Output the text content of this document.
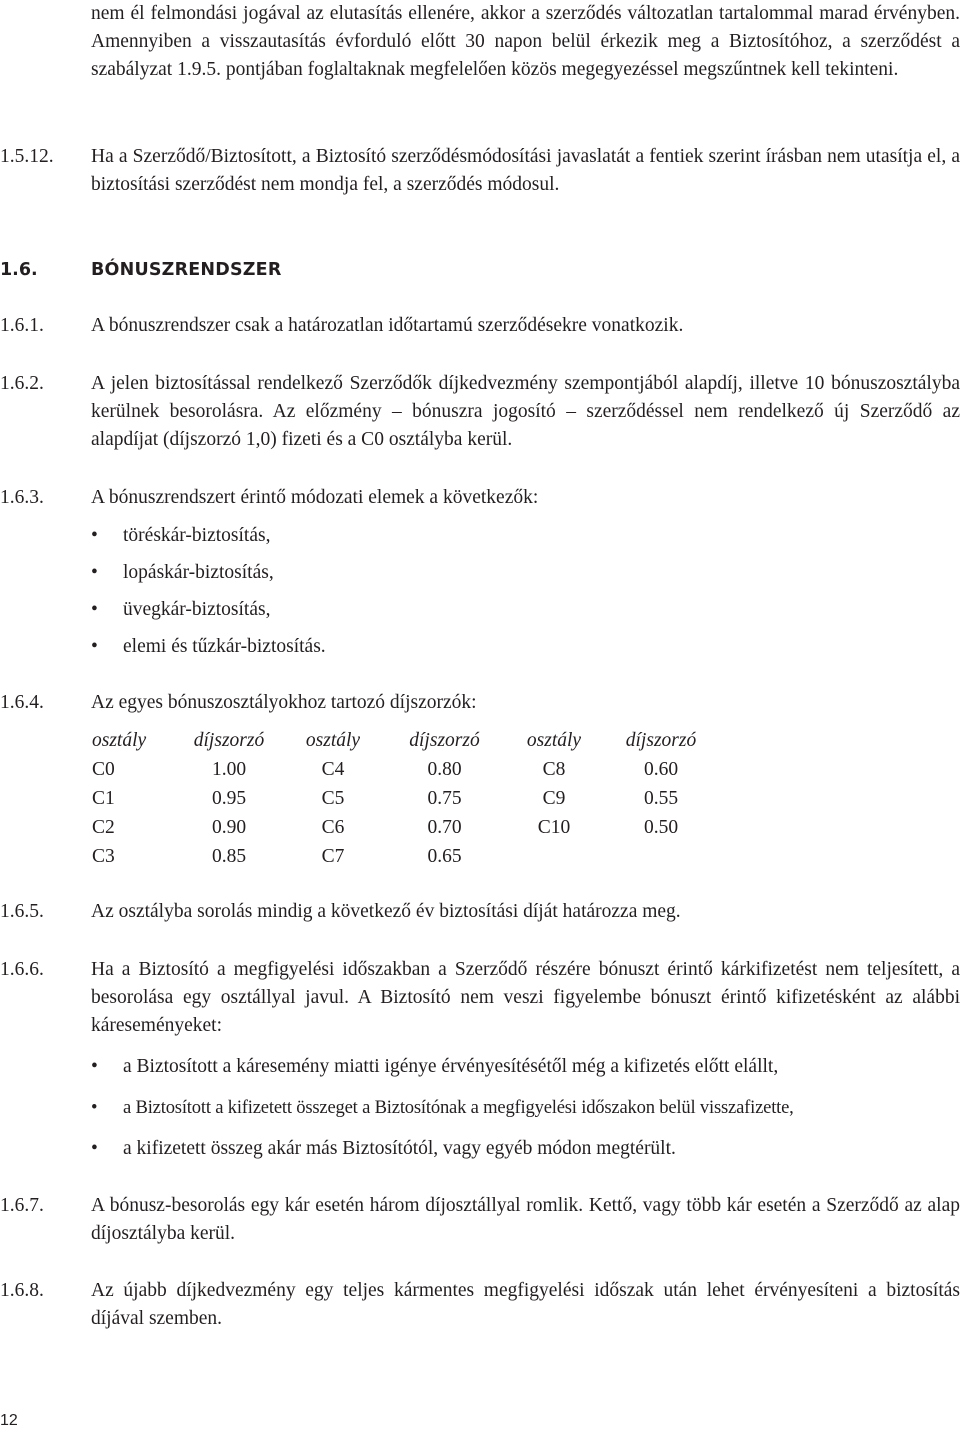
nem él felmondási jogával az elutasítás ellenére, akkor a szerződés változatlan tartalommal marad érvényben. Amennyiben a visszautasítás évforduló előtt 30 napon belül érkezik meg a Biztosítóhoz, a szerződést a szabályzat 1.9.5. pontjában foglaltaknak megfelelően közös megegyezéssel megszűntnek kell tekinteni.
1.5.12. Ha a Szerződő/Biztosított, a Biztosító szerződésmódosítási javaslatát a fentiek szerint írásban nem utasítja el, a biztosítási szerződést nem mondja fel, a szerződés módosul.
1.6.	BÓNUSZRENDSZER
1.6.1. A bónuszrendszer csak a határozatlan időtartamú szerződésekre vonatkozik.
1.6.2. A jelen biztosítással rendelkező Szerződők díjkedvezmény szempontjából alapdíj, illetve 10 bónuszosztályba kerülnek besorolásra. Az előzmény – bónuszra jogosító – szerződéssel nem rendelkező új Szerződő az alapdíjat (díjszorzó 1,0) fizeti és a C0 osztályba kerül.
1.6.3. A bónuszrendszert érintő módozati elemek a következők:
• töréskár-biztosítás,
• lopáskár-biztosítás,
• üvegkár-biztosítás,
• elemi és tűzkár-biztosítás.
1.6.4. Az egyes bónuszosztályokhoz tartozó díjszorzók:
osztály	díjszorzó	osztály	díjszorzó	osztály	díjszorzó
C0	1.00	C4	0.80	C8	0.60
C1	0.95	C5	0.75	C9	0.55
C2	0.90	C6	0.70	C10	0.50
C3	0.85	C7	0.65		
1.6.5. Az osztályba sorolás mindig a következő év biztosítási díját határozza meg.
1.6.6. Ha a Biztosító a megfigyelési időszakban a Szerződő részére bónuszt érintő kárkifizetést nem teljesített, a besorolása egy osztállyal javul. A Biztosító nem veszi figyelembe bónuszt érintő kifizetésként az alábbi káreseményeket:
• a Biztosított a káresemény miatti igénye érvényesítésétől még a kifizetés előtt elállt,
• a Biztosított a kifizetett összeget a Biztosítónak a megfigyelési időszakon belül visszafizette,
• a kifizetett összeg akár más Biztosítótól, vagy egyéb módon megtérült.
1.6.7. A bónusz-besorolás egy kár esetén három díjosztállyal romlik. Kettő, vagy több kár esetén a Szerződő az alap díjosztályba kerül.
1.6.8. Az újabb díjkedvezmény egy teljes kármentes megfigyelési időszak után lehet érvényesíteni a biztosítás díjával szemben.
12
